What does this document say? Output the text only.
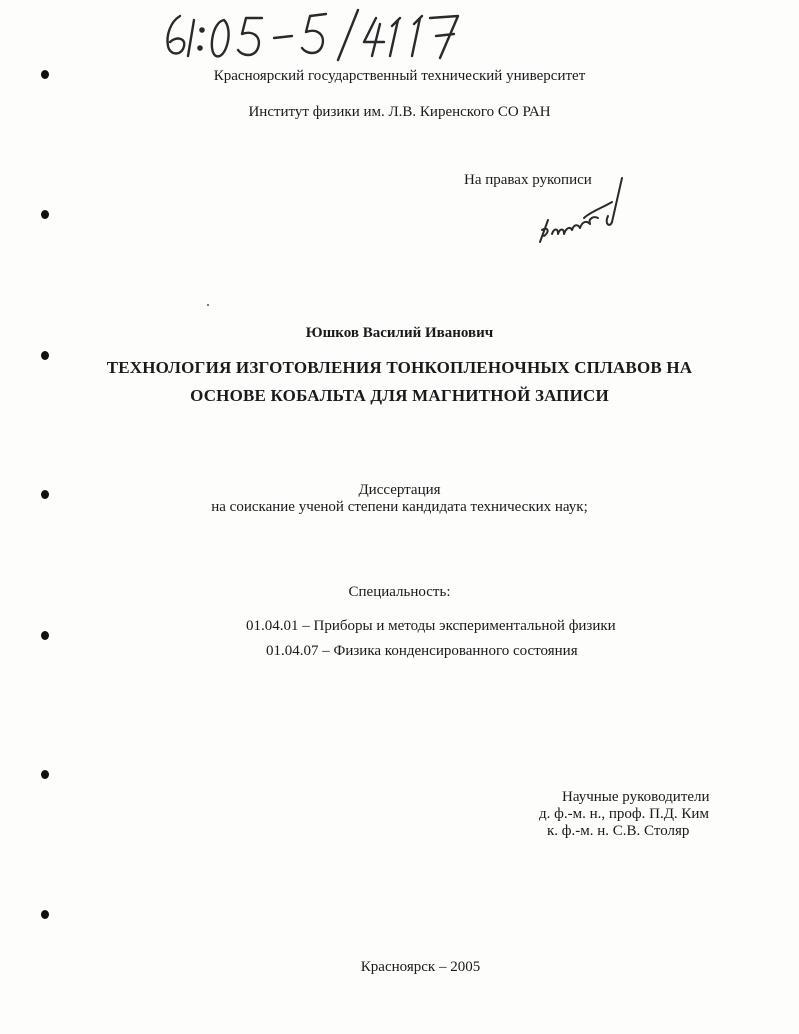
Красноярский государственный технический университет
Институт физики им. Л.В. Киренского СО РАН
На правах рукописи
Юшков Василий Иванович
ТЕХНОЛОГИЯ ИЗГОТОВЛЕНИЯ ТОНКОПЛЕНОЧНЫХ СПЛАВОВ НА
ОСНОВЕ КОБАЛЬТА ДЛЯ МАГНИТНОЙ ЗАПИСИ
Диссертация
на соискание ученой степени кандидата технических наук;
Специальность:
01.04.01 – Приборы и методы экспериментальной физики
01.04.07 – Физика конденсированного состояния
Научные руководители
д. ф.-м. н., проф. П.Д. Ким
к. ф.-м. н. С.В. Столяр
Красноярск – 2005
